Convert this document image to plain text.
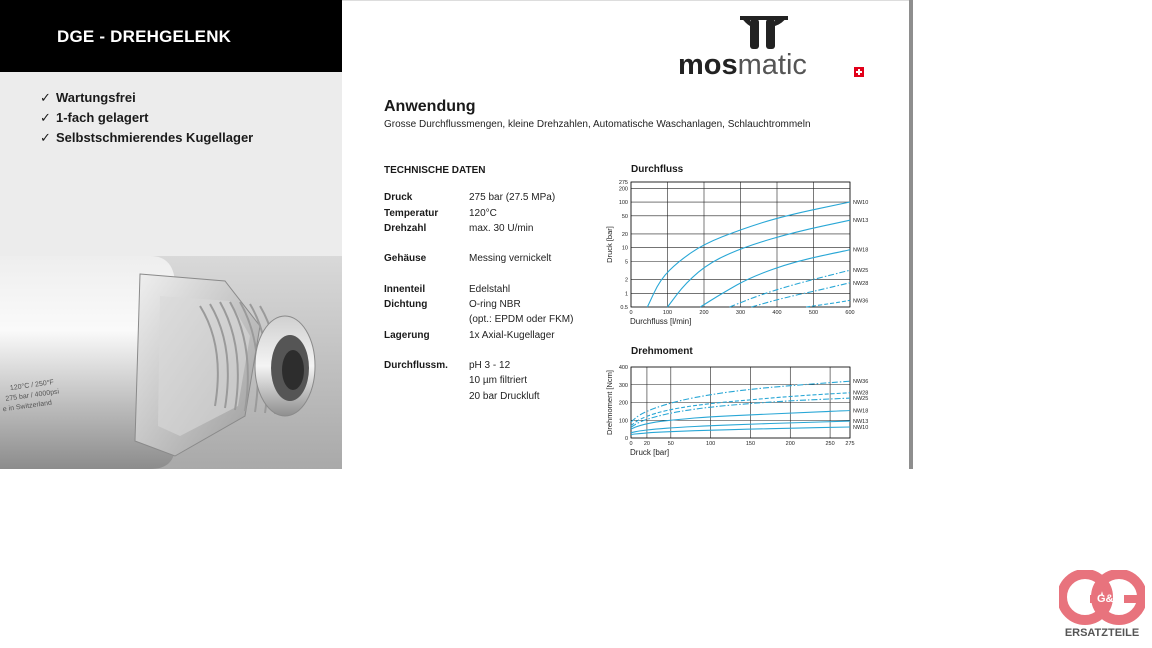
DGE - DREHGELENK
✓ Wartungsfrei
✓ 1-fach gelagert
✓ Selbstschmierendes Kugellager
120°C / 250°F
275 bar / 4000psi
e in Switzerland
mosmatic
Anwendung
Grosse Durchflussmengen, kleine Drehzahlen, Automatische Waschanlagen, Schlauchtrommeln
TECHNISCHE DATEN
Druck	275 bar (27.5 MPa)
Temperatur	120°C
Drehzahl	max. 30 U/min
Gehäuse	Messing vernickelt
Innenteil	Edelstahl
Dichtung	O-ring NBR
(opt.: EPDM oder FKM)
Lagerung	1x Axial-Kugellager
Durchflussm. pH 3 - 12
10 µm filtriert
20 bar Druckluft
Durchfluss
275
200
100
50
20
10
5
2
1
0.5
0	100	200	300	400	500	600
NW10
NW13
NW18
NW25
NW28
NW36
Durchfluss [l/min]
Druck [bar]
Drehmoment
400
300
200
100
0
0 20	50	100	150	200	250 275
NW36
NW28
NW25
NW18
NW13
NW10
Druck [bar]
Drehmoment [Ncm]
G&G
ERSATZTEILE
